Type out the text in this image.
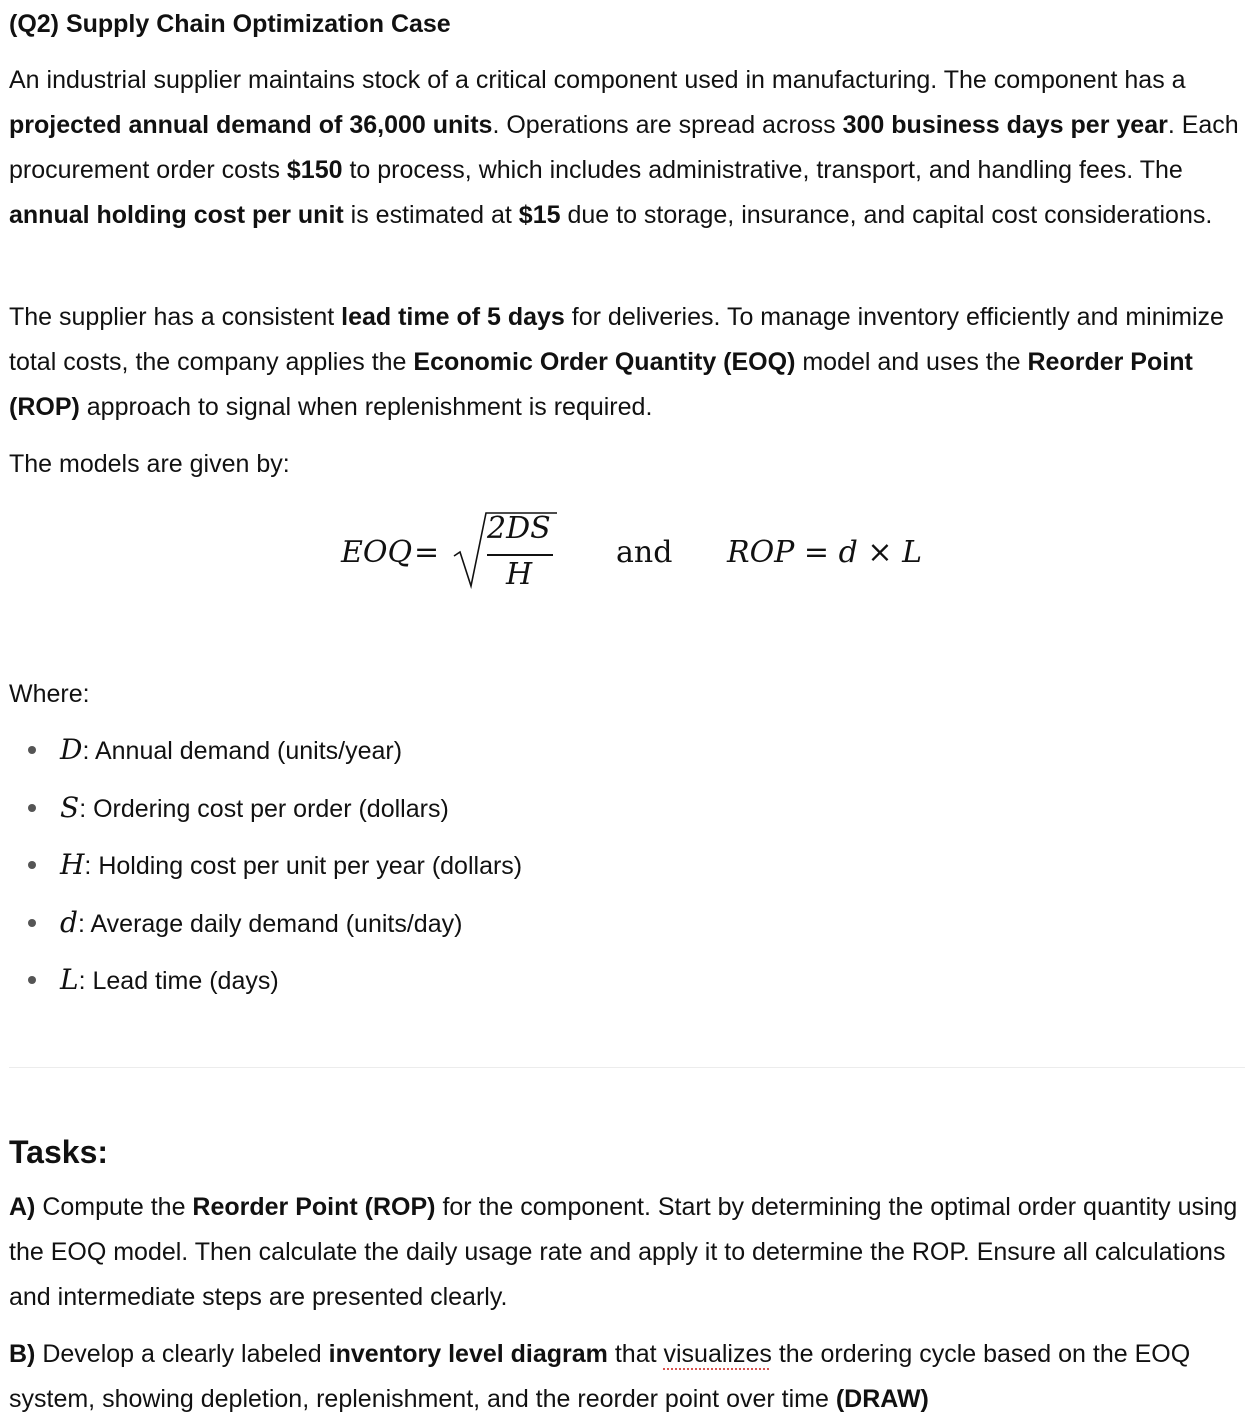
(Q2) Supply Chain Optimization Case

An industrial supplier maintains stock of a critical component used in manufacturing. The component has a projected annual demand of 36,000 units. Operations are spread across 300 business days per year. Each procurement order costs $150 to process, which includes administrative, transport, and handling fees. The annual holding cost per unit is estimated at $15 due to storage, insurance, and capital cost considerations.

The supplier has a consistent lead time of 5 days for deliveries. To manage inventory efficiently and minimize total costs, the company applies the Economic Order Quantity (EOQ) model and uses the Reorder Point (ROP) approach to signal when replenishment is required.

The models are given by:

EOQ =
2DS
H
and ROP = d × L
Where:
D: Annual demand (units/year)
S: Ordering cost per order (dollars)
H: Holding cost per unit per year (dollars)
d: Average daily demand (units/day)
L: Lead time (days)
Tasks:

A) Compute the Reorder Point (ROP) for the component. Start by determining the optimal order quantity using the EOQ model. Then calculate the daily usage rate and apply it to determine the ROP. Ensure all calculations and intermediate steps are presented clearly.

B) Develop a clearly labeled inventory level diagram that visualizes the ordering cycle based on the EOQ system, showing depletion, replenishment, and the reorder point over time (DRAW)
